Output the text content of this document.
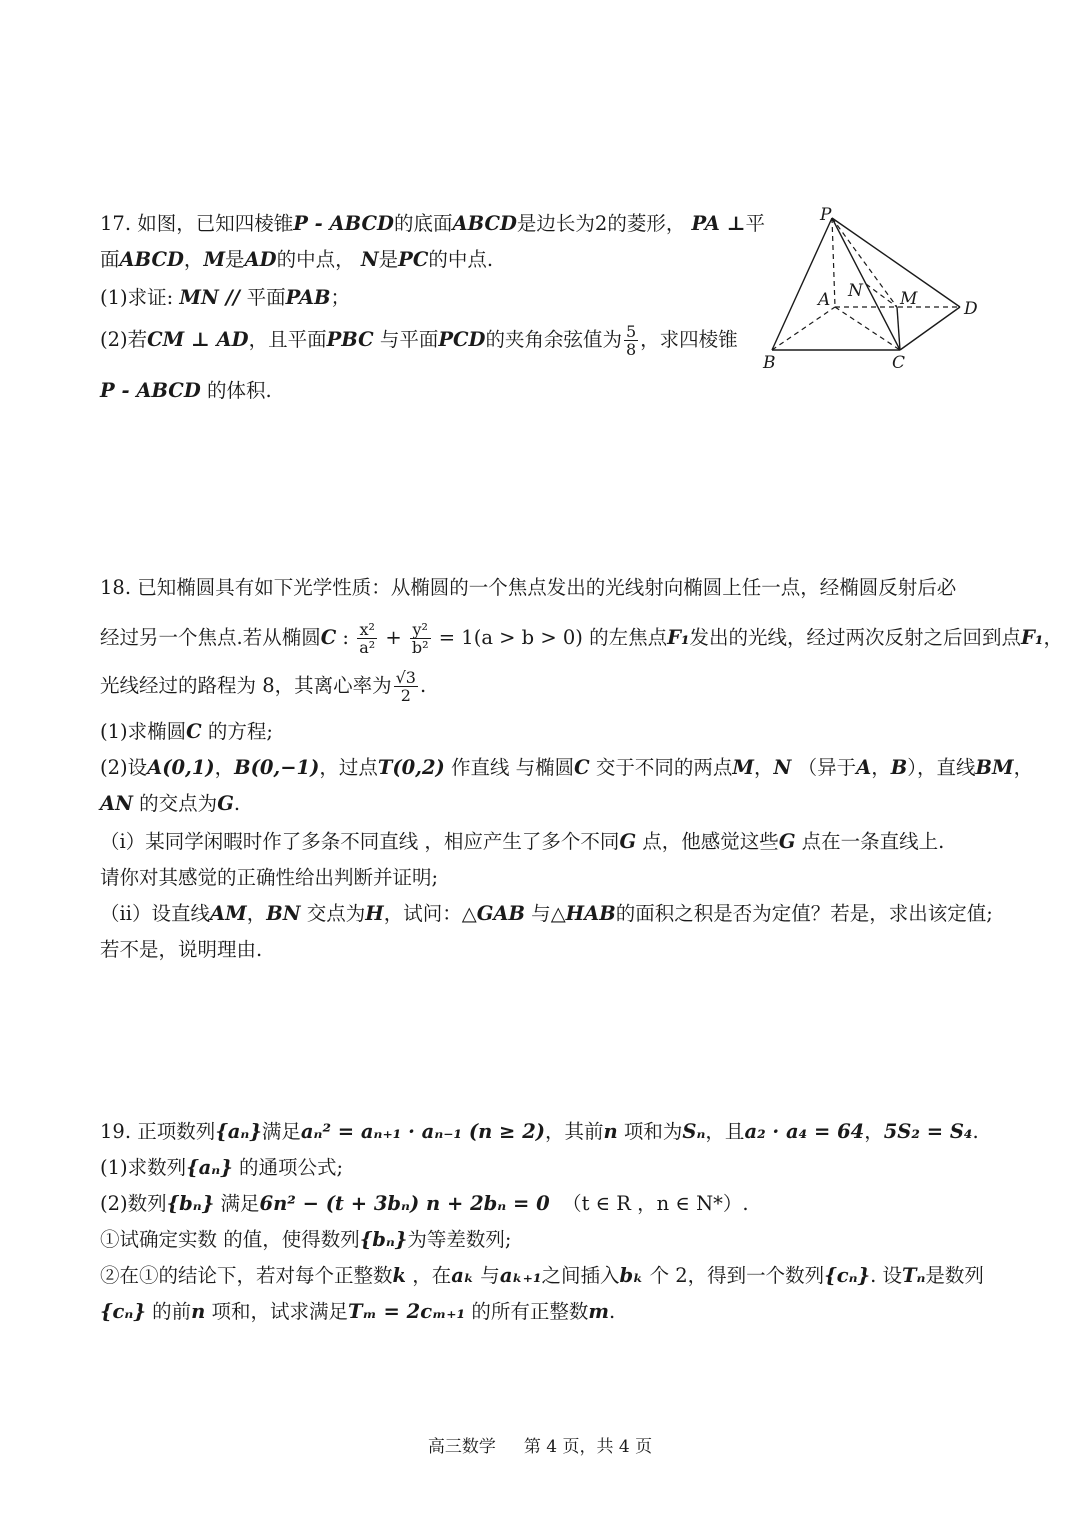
17. 如图，已知四棱锥P - ABCD的底面ABCD是边长为2的菱形， PA ⊥平
面ABCD，M是AD的中点， N是PC的中点.
(1)求证: MN // 平面PAB；
(2)若CM ⊥ AD，且平面PBC 与平面PCD的夹角余弦值为 $\frac{5}{8}$ ，求四棱锥
P - ABCD 的体积.
P
A
B	C
D
M
N
18. 已知椭圆具有如下光学性质：从椭圆的一个焦点发出的光线射向椭圆上任一点，经椭圆反射后必
经过另一个焦点.若从椭圆C : $\frac{\text{x²}}{\text{a²}} + \frac{\text{y²}}{\text{b²}} = 1(a > b > 0)$ 的左焦点F₁发出的光线，经过两次反射之后回到点F₁，
光线经过的路程为 8，其离心率为 $\frac{√3}{2}$ .
(1)求椭圆C 的方程;
(2)设A(0,1)，B(0,−1)，过点T(0,2) 作直线 与椭圆C 交于不同的两点M，N （异于A，B），直线BM，
AN 的交点为G.
（i）某同学闲暇时作了多条不同直线 ，相应产生了多个不同G 点，他感觉这些G 点在一条直线上.
请你对其感觉的正确性给出判断并证明;
（ii）设直线AM，BN 交点为H，试问：△GAB 与△HAB的面积之积是否为定值？若是，求出该定值;
若不是，说明理由.
19. 正项数列{aₙ}满足aₙ² = aₙ₊₁ · aₙ₋₁ (n ≥ 2)，其前n 项和为Sₙ，且a₂ · a₄ = 64，5S₂ = S₄.
(1)求数列{aₙ} 的通项公式;
(2)数列{bₙ} 满足6n² − (t + 3bₙ) n + 2bₙ = 0 （t ∈ R ，n ∈ N*）.
①试确定实数 的值，使得数列{bₙ}为等差数列;
②在①的结论下，若对每个正整数k ，在aₖ 与aₖ₊₁之间插入bₖ 个 2，得到一个数列{cₙ}. 设Tₙ是数列
{cₙ} 的前n 项和，试求满足Tₘ = 2cₘ₊₁ 的所有正整数m.
高三数学 第 4 页，共 4 页
